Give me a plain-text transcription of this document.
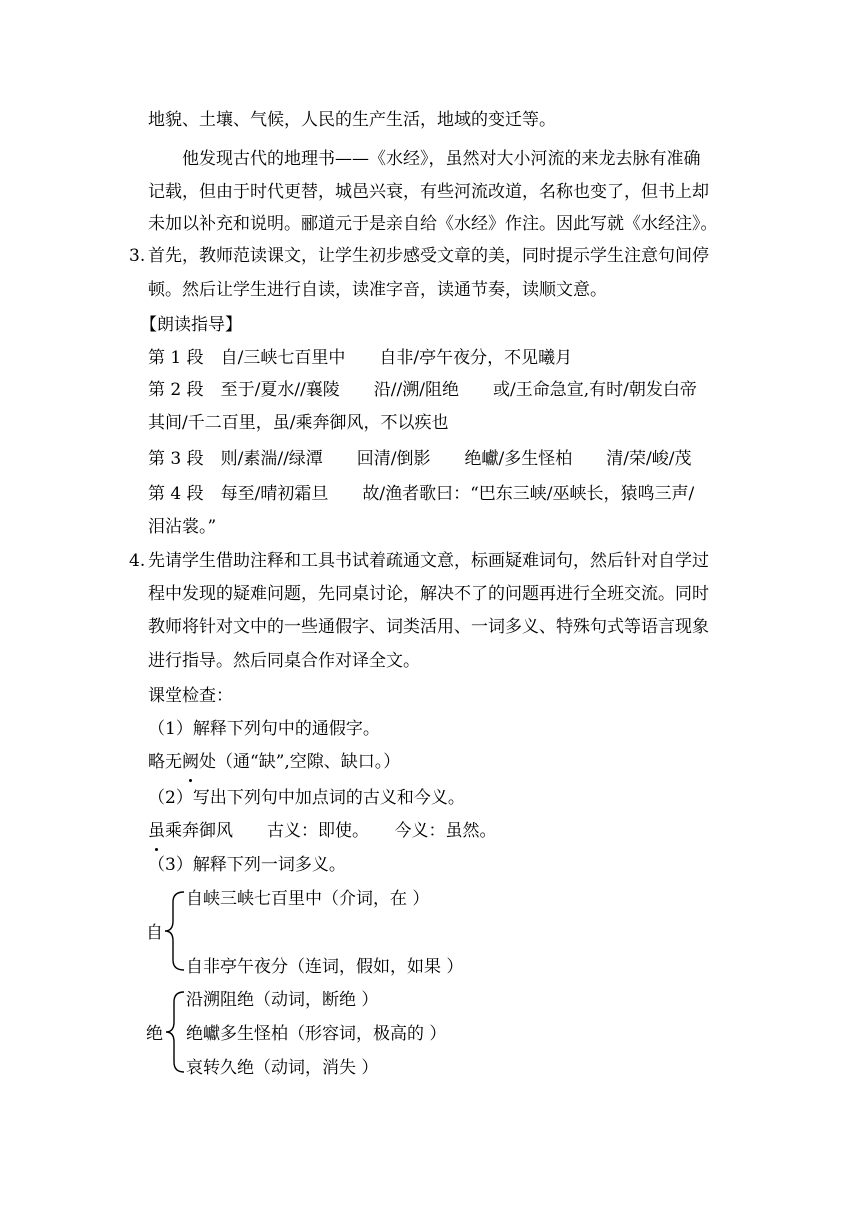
地貌、土壤、气候，人民的生产生活，地域的变迁等。
他发现古代的地理书——《水经》，虽然对大小河流的来龙去脉有准确
记载，但由于时代更替，城邑兴衰，有些河流改道，名称也变了，但书上却
未加以补充和说明。郦道元于是亲自给《水经》作注。因此写就《水经注》。
3. 首先，教师范读课文，让学生初步感受文章的美，同时提示学生注意句间停
顿。然后让学生进行自读，读准字音，读通节奏，读顺文意。
【朗读指导】
第 1 段　自/三峡七百里中　　自非/亭午夜分，不见曦月
第 2 段　至于/夏水//襄陵　　沿//溯/阻绝　　或/王命急宣,有时/朝发白帝
其间/千二百里，虽/乘奔御风，不以疾也
第 3 段　则/素湍//绿潭　　回清/倒影　　绝巘/多生怪柏　　清/荣/峻/茂
第 4 段　每至/晴初霜旦　　故/渔者歌曰：“巴东三峡/巫峡长，猿鸣三声/
泪沾裳。”
4. 先请学生借助注释和工具书试着疏通文意，标画疑难词句，然后针对自学过
程中发现的疑难问题，先同桌讨论，解决不了的问题再进行全班交流。同时
教师将针对文中的一些通假字、词类活用、一词多义、特殊句式等语言现象
进行指导。然后同桌合作对译全文。
课堂检查：
（1）解释下列句中的通假字。
略无阙处（通“缺”,空隙、缺口。）
（2）写出下列句中加点词的古义和今义。
虽乘奔御风　　古义：即使。　　今义：虽然。
（3）解释下列一词多义。
自峡三峡七百里中（介词，在 ）
自
自非亭午夜分（连词，假如，如果 ）
沿溯阻绝（动词，断绝 ）
绝 绝巘多生怪柏（形容词，极高的 ）
哀转久绝（动词，消失 ）
